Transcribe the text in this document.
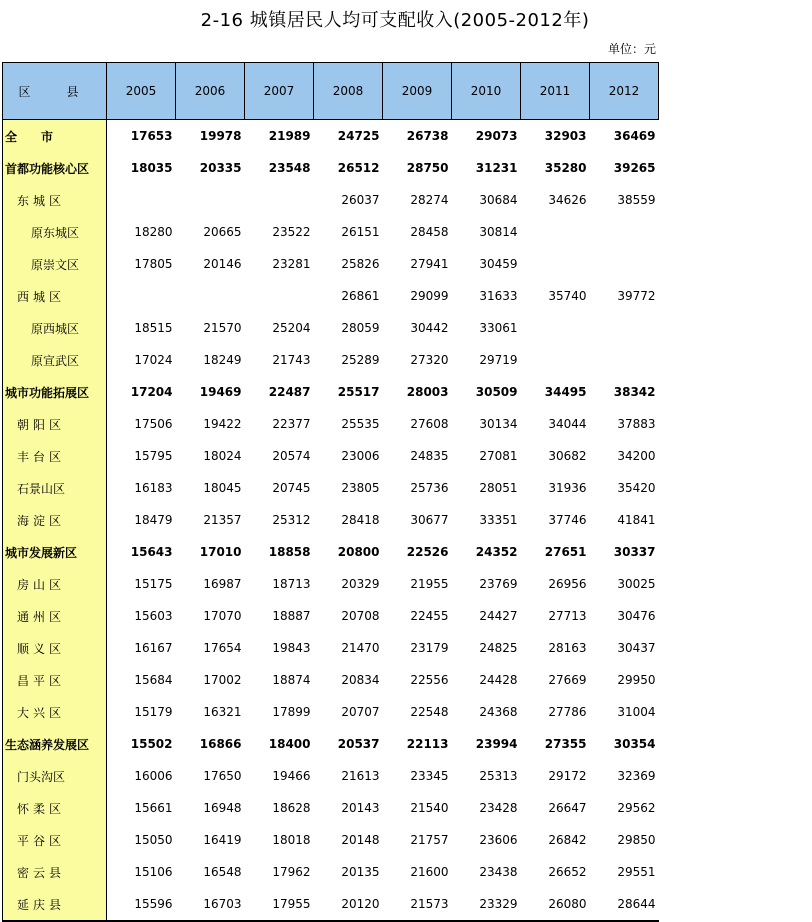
2-16 城镇居民人均可支配收入(2005-2012年)
单位：元
区　县	2005	2006	2007	2008	2009	2010	2011	2012
全　　市	17653	19978	21989	24725	26738	29073	32903	36469
首都功能核心区	18035	20335	23548	26512	28750	31231	35280	39265
东城区				26037	28274	30684	34626	38559
原东城区	18280	20665	23522	26151	28458	30814		
原崇文区	17805	20146	23281	25826	27941	30459		
西城区				26861	29099	31633	35740	39772
原西城区	18515	21570	25204	28059	30442	33061		
原宣武区	17024	18249	21743	25289	27320	29719		
城市功能拓展区	17204	19469	22487	25517	28003	30509	34495	38342
朝阳区	17506	19422	22377	25535	27608	30134	34044	37883
丰台区	15795	18024	20574	23006	24835	27081	30682	34200
石景山区	16183	18045	20745	23805	25736	28051	31936	35420
海淀区	18479	21357	25312	28418	30677	33351	37746	41841
城市发展新区	15643	17010	18858	20800	22526	24352	27651	30337
房山区	15175	16987	18713	20329	21955	23769	26956	30025
通州区	15603	17070	18887	20708	22455	24427	27713	30476
顺义区	16167	17654	19843	21470	23179	24825	28163	30437
昌平区	15684	17002	18874	20834	22556	24428	27669	29950
大兴区	15179	16321	17899	20707	22548	24368	27786	31004
生态涵养发展区	15502	16866	18400	20537	22113	23994	27355	30354
门头沟区	16006	17650	19466	21613	23345	25313	29172	32369
怀柔区	15661	16948	18628	20143	21540	23428	26647	29562
平谷区	15050	16419	18018	20148	21757	23606	26842	29850
密云县	15106	16548	17962	20135	21600	23438	26652	29551
延庆县	15596	16703	17955	20120	21573	23329	26080	28644
